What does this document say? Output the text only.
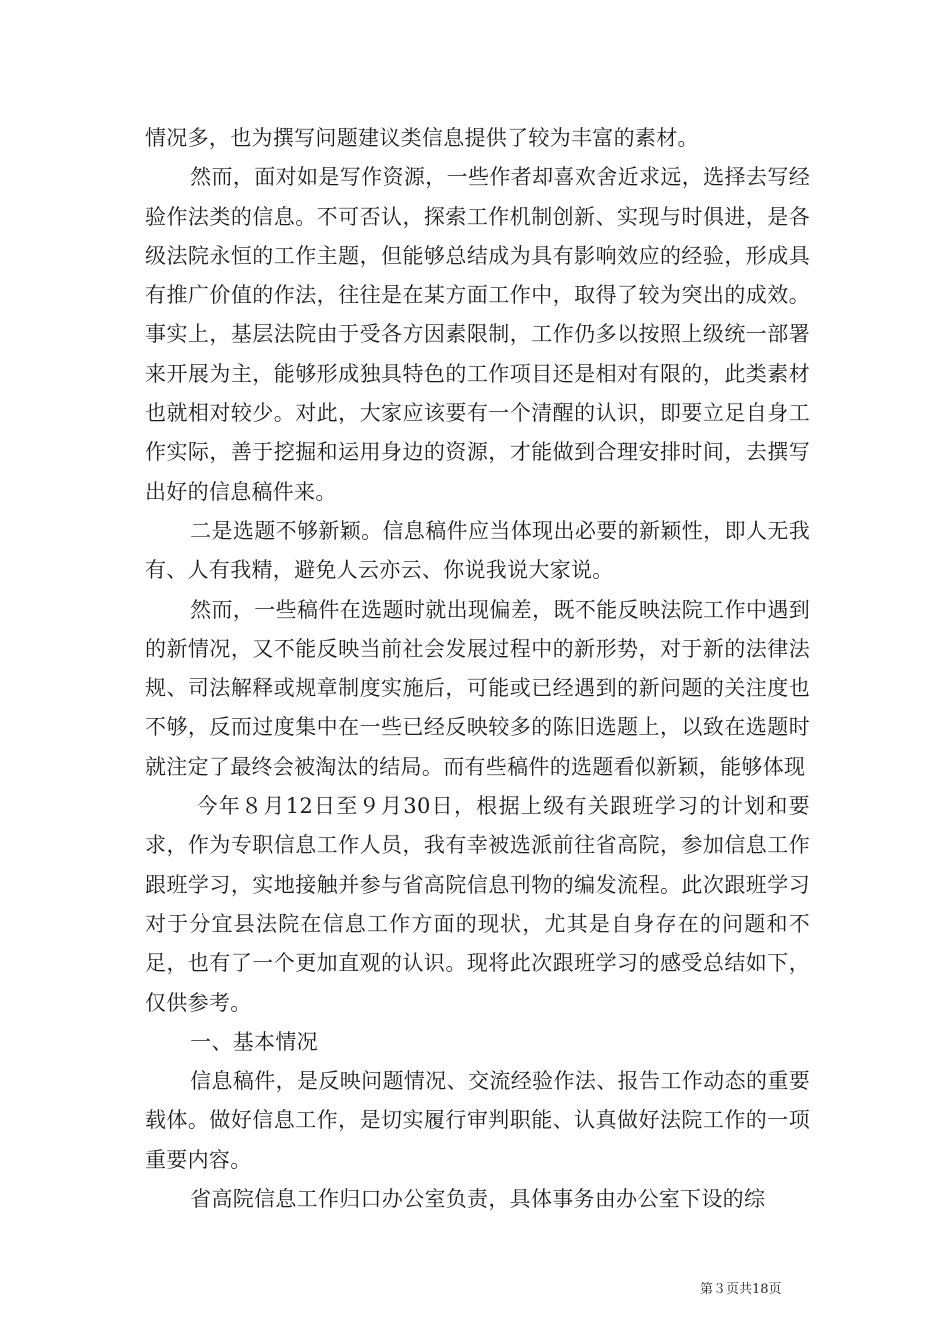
情况多，也为撰写问题建议类信息提供了较为丰富的素材。

然而，面对如是写作资源，一些作者却喜欢舍近求远，选择去写经验作法类的信息。不可否认，探索工作机制创新、实现与时俱进，是各级法院永恒的工作主题，但能够总结成为具有影响效应的经验，形成具有推广价值的作法，往往是在某方面工作中，取得了较为突出的成效。事实上，基层法院由于受各方因素限制，工作仍多以按照上级统一部署来开展为主，能够形成独具特色的工作项目还是相对有限的，此类素材也就相对较少。对此，大家应该要有一个清醒的认识，即要立足自身工作实际，善于挖掘和运用身边的资源，才能做到合理安排时间，去撰写出好的信息稿件来。

二是选题不够新颖。信息稿件应当体现出必要的新颖性，即人无我有、人有我精，避免人云亦云、你说我说大家说。

然而，一些稿件在选题时就出现偏差，既不能反映法院工作中遇到的新情况，又不能反映当前社会发展过程中的新形势，对于新的法律法规、司法解释或规章制度实施后，可能或已经遇到的新问题的关注度也不够，反而过度集中在一些已经反映较多的陈旧选题上，以致在选题时就注定了最终会被淘汰的结局。而有些稿件的选题看似新颖，能够体现

今年８月12日至９月30日，根据上级有关跟班学习的计划和要求，作为专职信息工作人员，我有幸被选派前往省高院，参加信息工作跟班学习，实地接触并参与省高院信息刊物的编发流程。此次跟班学习对于分宜县法院在信息工作方面的现状，尤其是自身存在的问题和不足，也有了一个更加直观的认识。现将此次跟班学习的感受总结如下，仅供参考。

一、基本情况

信息稿件，是反映问题情况、交流经验作法、报告工作动态的重要载体。做好信息工作，是切实履行审判职能、认真做好法院工作的一项重要内容。

省高院信息工作归口办公室负责，具体事务由办公室下设的综

第３页共18页
